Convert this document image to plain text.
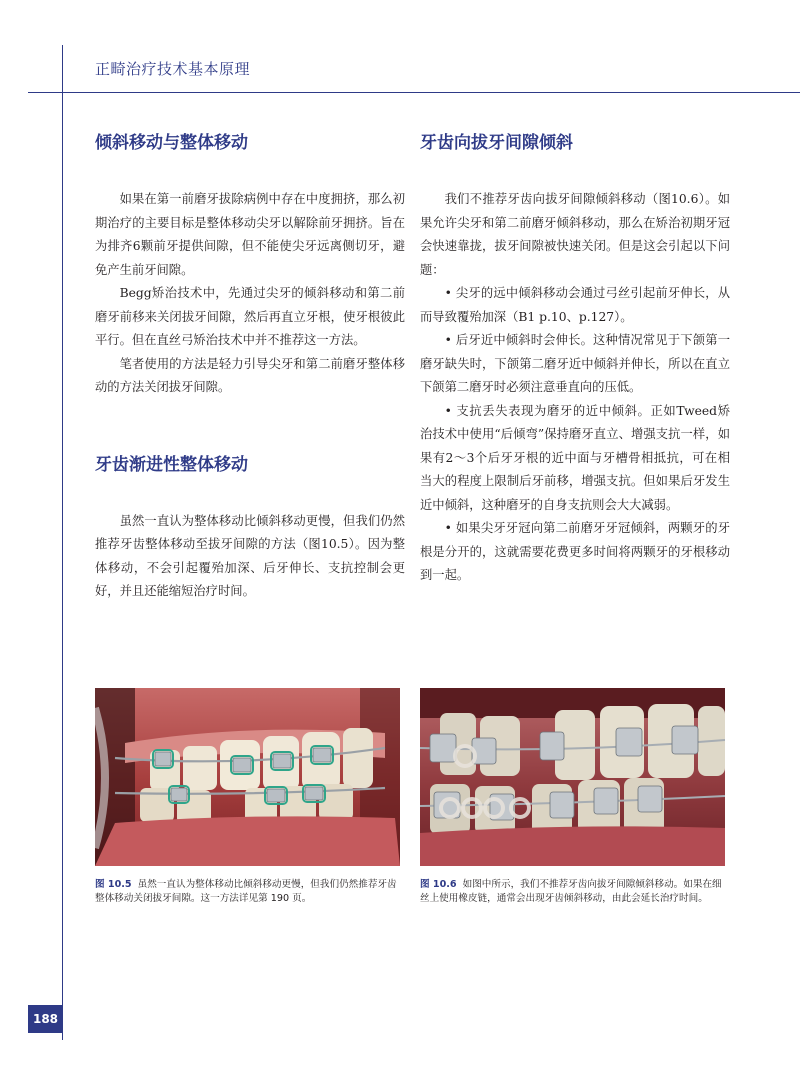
正畸治疗技术基本原理
倾斜移动与整体移动

如果在第一前磨牙拔除病例中存在中度拥挤，那么初期治疗的主要目标是整体移动尖牙以解除前牙拥挤。旨在为排齐6颗前牙提供间隙，但不能使尖牙远离侧切牙，避免产生前牙间隙。

Begg矫治技术中，先通过尖牙的倾斜移动和第二前磨牙前移来关闭拔牙间隙，然后再直立牙根，使牙根彼此平行。但在直丝弓矫治技术中并不推荐这一方法。

笔者使用的方法是轻力引导尖牙和第二前磨牙整体移动的方法关闭拔牙间隙。

牙齿渐进性整体移动

虽然一直认为整体移动比倾斜移动更慢，但我们仍然推荐牙齿整体移动至拔牙间隙的方法（图10.5）。因为整体移动，不会引起覆殆加深、后牙伸长、支抗控制会更好，并且还能缩短治疗时间。

牙齿向拔牙间隙倾斜

我们不推荐牙齿向拔牙间隙倾斜移动（图10.6）。如果允许尖牙和第二前磨牙倾斜移动，那么在矫治初期牙冠会快速靠拢，拔牙间隙被快速关闭。但是这会引起以下问题：

• 尖牙的远中倾斜移动会通过弓丝引起前牙伸长，从而导致覆殆加深（B1 p.10、p.127）。

• 后牙近中倾斜时会伸长。这种情况常见于下颌第一磨牙缺失时，下颌第二磨牙近中倾斜并伸长，所以在直立下颌第二磨牙时必须注意垂直向的压低。

• 支抗丢失表现为磨牙的近中倾斜。正如Tweed矫治技术中使用“后倾弯”保持磨牙直立、增强支抗一样，如果有2～3个后牙牙根的近中面与牙槽骨相抵抗，可在相当大的程度上限制后牙前移，增强支抗。但如果后牙发生近中倾斜，这种磨牙的自身支抗则会大大减弱。

• 如果尖牙牙冠向第二前磨牙牙冠倾斜，两颗牙的牙根是分开的，这就需要花费更多时间将两颗牙的牙根移动到一起。

图 10.5 虽然一直认为整体移动比倾斜移动更慢，但我们仍然推荐牙齿整体移动关闭拔牙间隙。这一方法详见第 190 页。
图 10.6 如图中所示，我们不推荐牙齿向拔牙间隙倾斜移动。如果在细丝上使用橡皮链，通常会出现牙齿倾斜移动，由此会延长治疗时间。
188
